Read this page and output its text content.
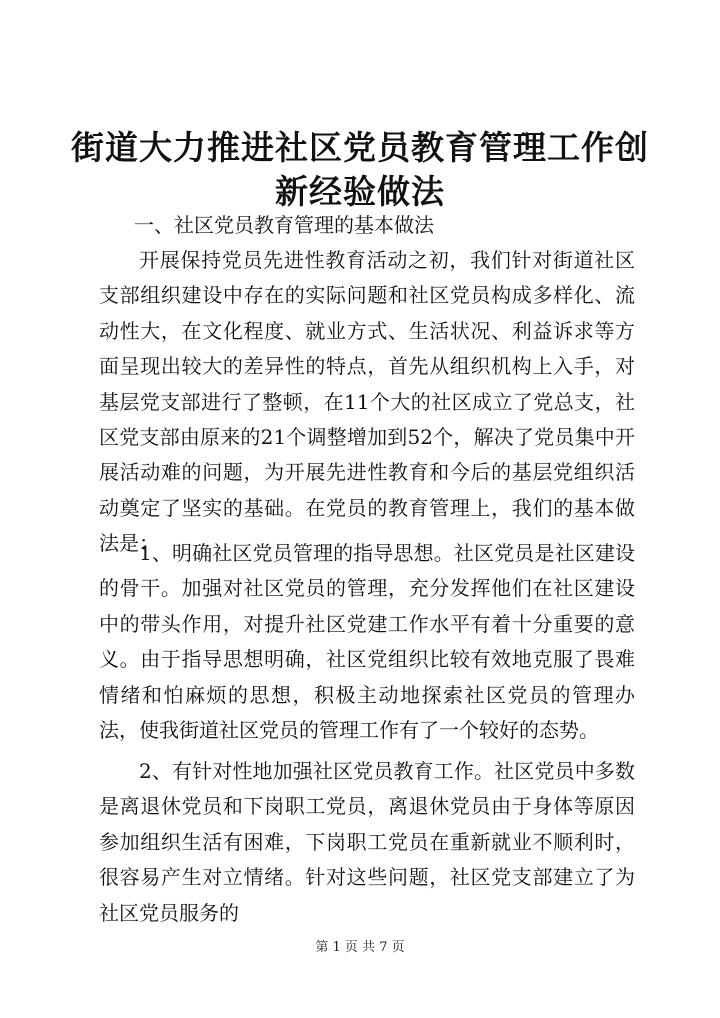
街道大力推进社区党员教育管理工作创新经验做法

一、社区党员教育管理的基本做法

开展保持党员先进性教育活动之初，我们针对街道社区支部组织建设中存在的实际问题和社区党员构成多样化、流动性大，在文化程度、就业方式、生活状况、利益诉求等方面呈现出较大的差异性的特点，首先从组织机构上入手，对基层党支部进行了整顿，在11个大的社区成立了党总支，社区党支部由原来的21个调整增加到52个，解决了党员集中开展活动难的问题，为开展先进性教育和今后的基层党组织活动奠定了坚实的基础。在党员的教育管理上，我们的基本做法是：

1、明确社区党员管理的指导思想。社区党员是社区建设的骨干。加强对社区党员的管理，充分发挥他们在社区建设中的带头作用，对提升社区党建工作水平有着十分重要的意义。由于指导思想明确，社区党组织比较有效地克服了畏难情绪和怕麻烦的思想，积极主动地探索社区党员的管理办法，使我街道社区党员的管理工作有了一个较好的态势。

2、有针对性地加强社区党员教育工作。社区党员中多数是离退休党员和下岗职工党员，离退休党员由于身体等原因参加组织生活有困难，下岗职工党员在重新就业不顺利时，很容易产生对立情绪。针对这些问题，社区党支部建立了为社区党员服务的

第 1 页 共 7 页
